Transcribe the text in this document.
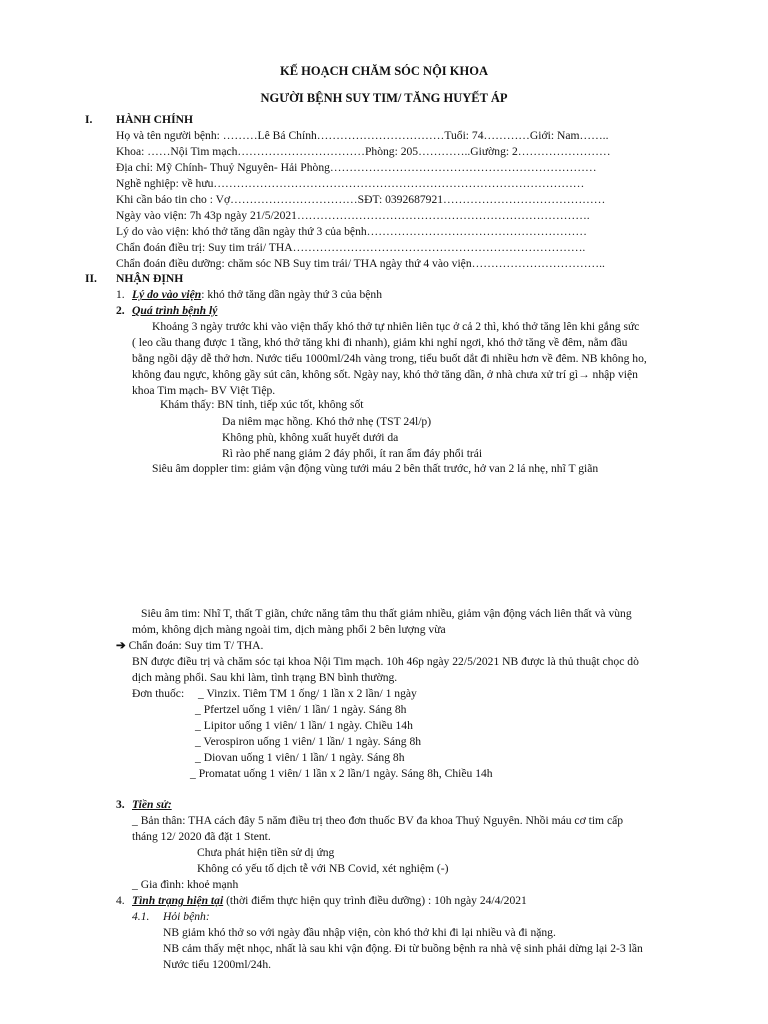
KẾ HOẠCH CHĂM SÓC NỘI KHOA
NGƯỜI BỆNH SUY TIM/ TĂNG HUYẾT ÁP
I. HÀNH CHÍNH
Họ và tên người bệnh: ………Lê Bá Chính……………………………Tuổi: 74…………Giới: Nam……..
Khoa: ……Nội Tim mạch……………………………Phòng: 205…………..Giường: 2……………………
Địa chỉ: Mỹ Chính- Thuỷ Nguyên- Hải Phòng……………………………………………………………
Nghề nghiệp: về hưu……………………………………………………………………………………
Khi cần báo tin cho : Vợ……………………………SĐT: 0392687921……………………………………
Ngày vào viện: 7h 43p ngày 21/5/2021………………………………………………………………….
Lý do vào viện: khó thở tăng dần ngày thứ 3 của bệnh…………………………………………………
Chẩn đoán điều trị: Suy tim trái/ THA………………………………………………………………….
Chẩn đoán điều dưỡng: chăm sóc NB Suy tim trái/ THA ngày thứ 4 vào viện……………………………..
II. NHẬN ĐỊNH
1. Lý do vào viện: khó thở tăng dần ngày thứ 3 của bệnh
2. Quá trình bệnh lý
Khoảng 3 ngày trước khi vào viện thấy khó thở tự nhiên liên tục ở cả 2 thì, khó thở tăng lên khi gắng sức
( leo cầu thang được 1 tầng, khó thở tăng khi đi nhanh), giảm khi nghỉ ngơi, khó thở tăng về đêm, nằm đầu
bằng ngồi dậy dễ thở hơn. Nước tiểu 1000ml/24h vàng trong, tiểu buốt dắt đi nhiều hơn về đêm. NB không ho,
không đau ngực, không gầy sút cân, không sốt. Ngày nay, khó thở tăng dần, ở nhà chưa xử trí gì→ nhập viện
khoa Tim mạch- BV Việt Tiệp.
Khám thấy: BN tỉnh, tiếp xúc tốt, không sốt
Da niêm mạc hồng. Khó thở nhẹ (TST 24l/p)
Không phù, không xuất huyết dưới da
Rì rào phế nang giảm 2 đáy phổi, ít ran ẩm đáy phổi trái
Siêu âm doppler tim: giảm vận động vùng tưới máu 2 bên thất trước, hở van 2 lá nhẹ, nhĩ T giãn
Siêu âm tim: Nhĩ T, thất T giãn, chức năng tâm thu thất giảm nhiều, giảm vận động vách liên thất và vùng
mỏm, không dịch màng ngoài tim, dịch màng phổi 2 bên lượng vừa
➔ Chẩn đoán: Suy tim T/ THA.
BN được điều trị và chăm sóc tại khoa Nội Tim mạch. 10h 46p ngày 22/5/2021 NB được là thủ thuật chọc dò
dịch màng phổi. Sau khi làm, tình trạng BN bình thường.
Đơn thuốc: _ Vinzix. Tiêm TM 1 ống/ 1 lần x 2 lần/ 1 ngày
_ Pfertzel uống 1 viên/ 1 lần/ 1 ngày. Sáng 8h
_ Lipitor uống 1 viên/ 1 lần/ 1 ngày. Chiều 14h
_ Verospiron uống 1 viên/ 1 lần/ 1 ngày. Sáng 8h
_ Diovan uống 1 viên/ 1 lần/ 1 ngày. Sáng 8h
_ Promatat uống 1 viên/ 1 lần x 2 lần/1 ngày. Sáng 8h, Chiều 14h
3. Tiền sử:
_ Bản thân: THA cách đây 5 năm điều trị theo đơn thuốc BV đa khoa Thuỷ Nguyên. Nhồi máu cơ tim cấp
tháng 12/ 2020 đã đặt 1 Stent.
Chưa phát hiện tiền sử dị ứng
Không có yếu tố dịch tễ với NB Covid, xét nghiệm (-)
_ Gia đình: khoẻ mạnh
4. Tình trạng hiện tại (thời điểm thực hiện quy trình điều dưỡng) : 10h ngày 24/4/2021
4.1. Hỏi bệnh:
NB giảm khó thở so với ngày đầu nhập viện, còn khó thở khi đi lại nhiều và đi nặng.
NB cảm thấy mệt nhọc, nhất là sau khi vận động. Đi từ buồng bệnh ra nhà vệ sinh phải dừng lại 2-3 lần
Nước tiểu 1200ml/24h.
